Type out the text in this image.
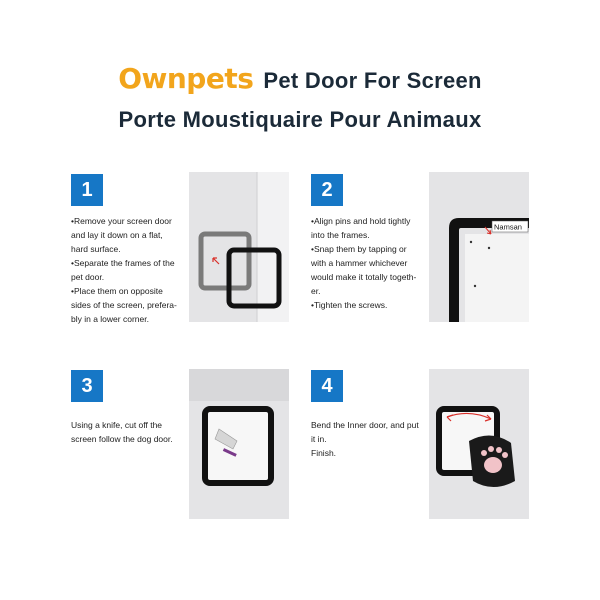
Ownpets Pet Door For Screen
Porte Moustiquaire Pour Animaux
1
•Remove your screen door
and lay it down on a flat,
hard surface.
•Separate the frames of the
pet door.
•Place them on opposite
sides of the screen, prefera-
bly in a lower corner.
2
•Align pins and hold tightly
into the frames.
•Snap them by tapping or
with a hammer whichever
would make it totally togeth-
er.
•Tighten the screws.
Namsan
3
Using a knife, cut off the
screen follow the dog door.
4
Bend the Inner door, and put
it in.
Finish.
